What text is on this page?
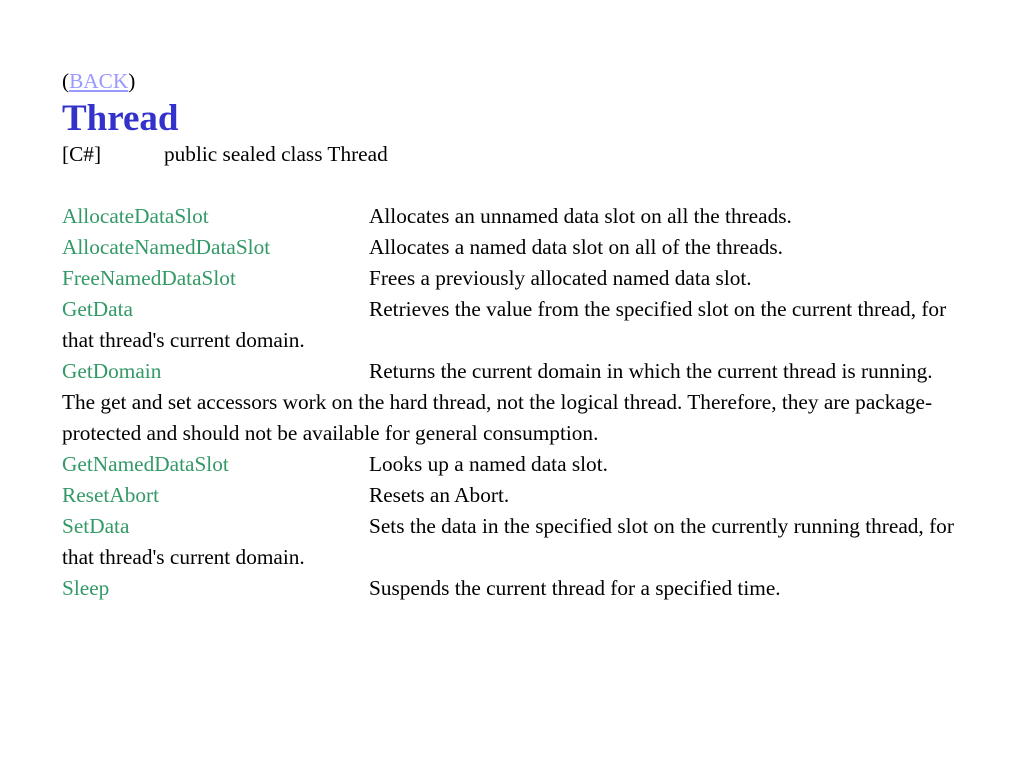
(BACK)
Thread
[C#]	public sealed class Thread

AllocateDataSlot	Allocates an unnamed data slot on all the threads.

AllocateNamedDataSlot	Allocates a named data slot on all of the threads.

FreeNamedDataSlot	Frees a previously allocated named data slot.

GetData	Retrieves the value from the specified slot on the current thread, for that thread's current domain.

GetDomain	Returns the current domain in which the current thread is running. The get and set accessors work on the hard thread, not the logical thread. Therefore, they are package-protected and should not be available for general consumption.

GetNamedDataSlot	Looks up a named data slot.

ResetAbort	Resets an Abort.

SetData	Sets the data in the specified slot on the currently running thread, for that thread's current domain.

Sleep	Suspends the current thread for a specified time.
